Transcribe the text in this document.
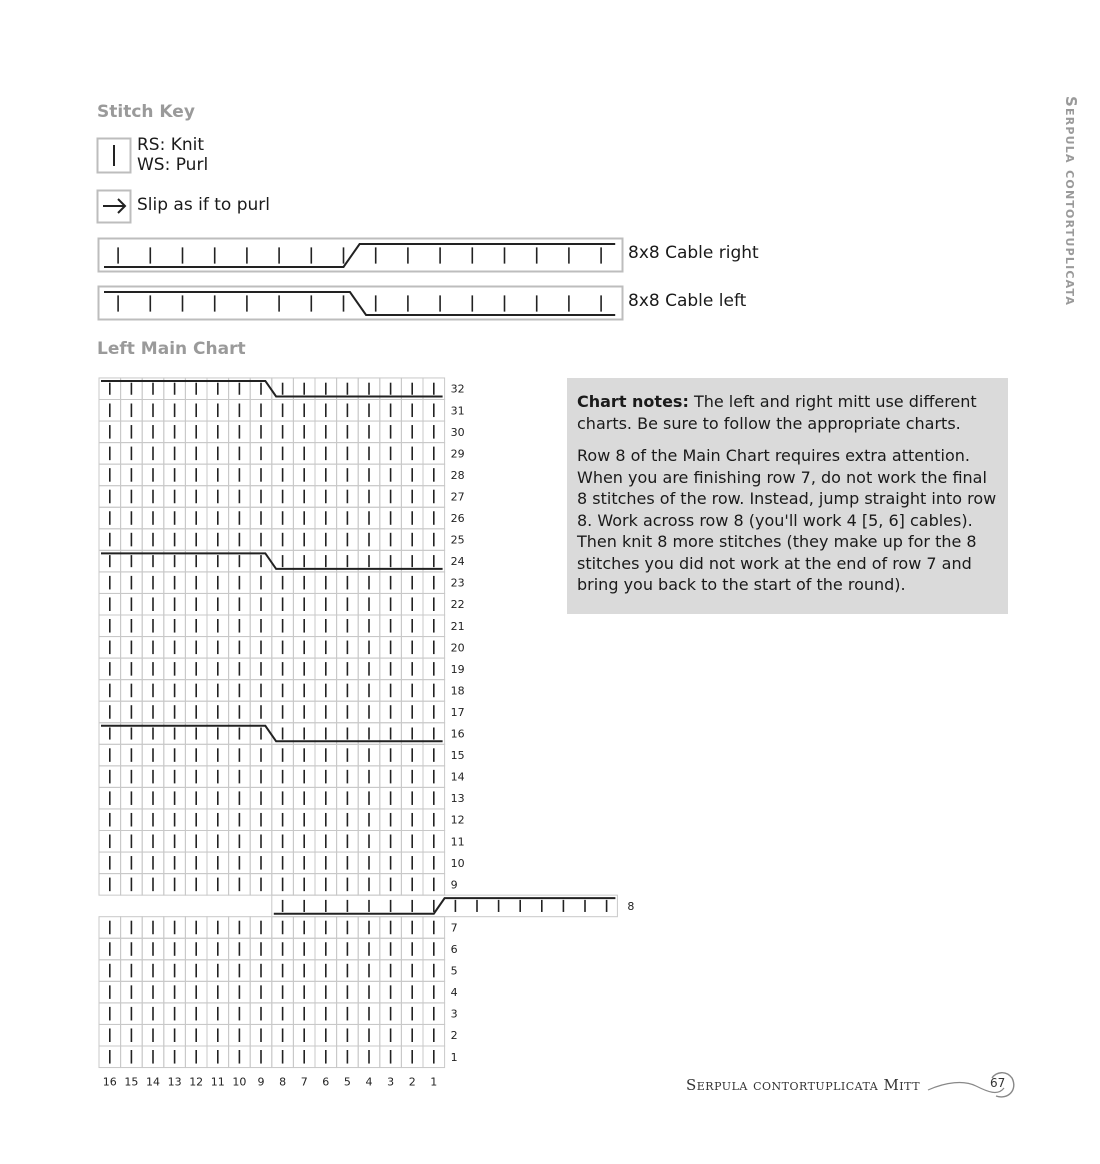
Serpula contortuplicata
Stitch Key
RS: Knit
WS: Purl
Slip as if to purl
8x8 Cable right
8x8 Cable left
Left Main Chart
1
2
3
4
5
6
7
8
9
10
11
12
13
14
15
16
17
18
19
20
21
22
23
24
25
26
27
28
29
30
31
32
16 15 14 13 12 11 10 9 8 7 6 5 4 3 2 1

Chart notes: The left and right mitt use different charts. Be sure to follow the appropriate charts.

Row 8 of the Main Chart requires extra attention. When you are finishing row 7, do not work the final 8 stitches of the row. Instead, jump straight into row 8. Work across row 8 (you'll work 4 [5, 6] cables). Then knit 8 more stitches (they make up for the 8 stitches you did not work at the end of row 7 and bring you back to the start of the round).

Serpula contortuplicata Mitt	67
